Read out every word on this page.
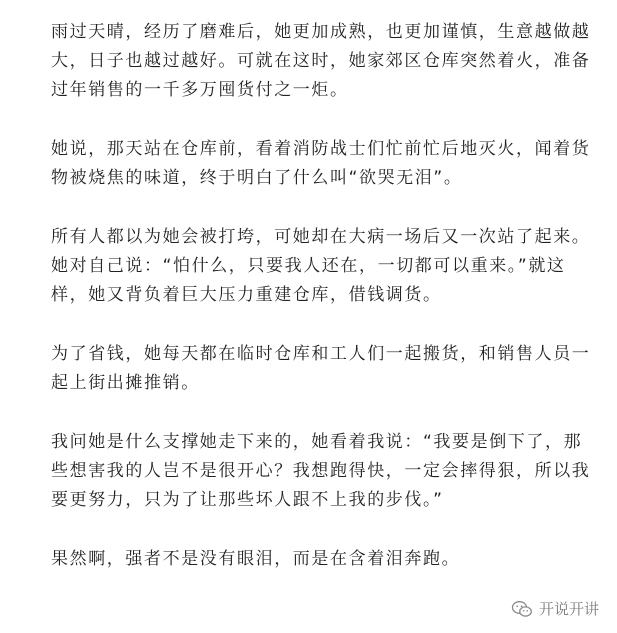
雨过天晴，经历了磨难后，她更加成熟，也更加谨慎，生意越做越大，日子也越过越好。可就在这时，她家郊区仓库突然着火，准备过年销售的一千多万囤货付之一炬。

她说，那天站在仓库前，看着消防战士们忙前忙后地灭火，闻着货物被烧焦的味道，终于明白了什么叫“欲哭无泪”。

所有人都以为她会被打垮，可她却在大病一场后又一次站了起来。她对自己说：“怕什么，只要我人还在，一切都可以重来。”就这样，她又背负着巨大压力重建仓库，借钱调货。

为了省钱，她每天都在临时仓库和工人们一起搬货，和销售人员一起上街出摊推销。

我问她是什么支撑她走下来的，她看着我说：“我要是倒下了，那些想害我的人岂不是很开心？我想跑得快，一定会摔得狠，所以我要更努力，只为了让那些坏人跟不上我的步伐。”

果然啊，强者不是没有眼泪，而是在含着泪奔跑。

开说开讲
